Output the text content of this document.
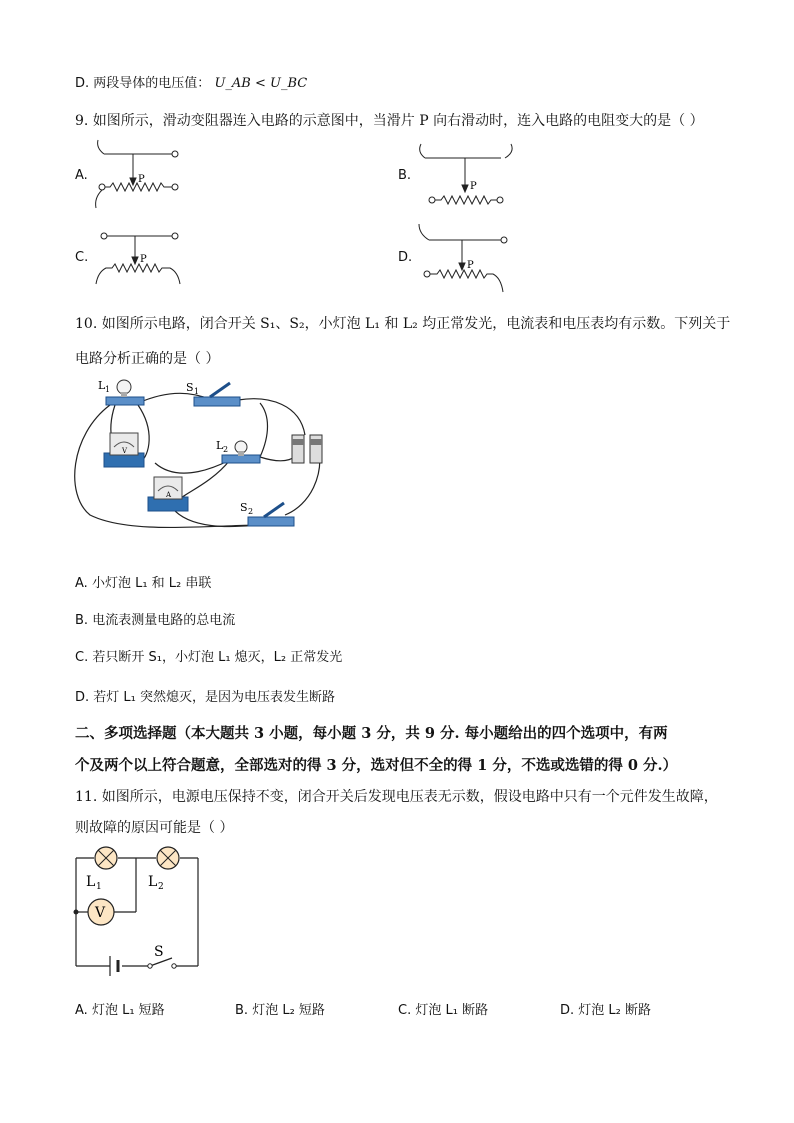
D. 两段导体的电压值： U_AB < U_BC
9. 如图所示，滑动变阻器连入电路的示意图中，当滑片 P 向右滑动时，连入电路的电阻变大的是（ ）
A.	B.
C.	D.
P
P
P
P
10. 如图所示电路，闭合开关 S₁、S₂，小灯泡 L₁ 和 L₂ 均正常发光，电流表和电压表均有示数。下列关于
电路分析正确的是（ ）
L 1	S 1
V	L 2
A
S 2
A. 小灯泡 L₁ 和 L₂ 串联
B. 电流表测量电路的总电流
C. 若只断开 S₁，小灯泡 L₁ 熄灭，L₂ 正常发光
D. 若灯 L₁ 突然熄灭，是因为电压表发生断路
二、多项选择题（本大题共 3 小题，每小题 3 分，共 9 分. 每小题给出的四个选项中，有两
个及两个以上符合题意，全部选对的得 3 分，选对但不全的得 1 分，不选或选错的得 0 分.）
11. 如图所示，电源电压保持不变，闭合开关后发现电压表无示数，假设电路中只有一个元件发生故障，
则故障的原因可能是（ ）
V
L 1	L 2
S
A. 灯泡 L₁ 短路	B. 灯泡 L₂ 短路	C. 灯泡 L₁ 断路	D. 灯泡 L₂ 断路
